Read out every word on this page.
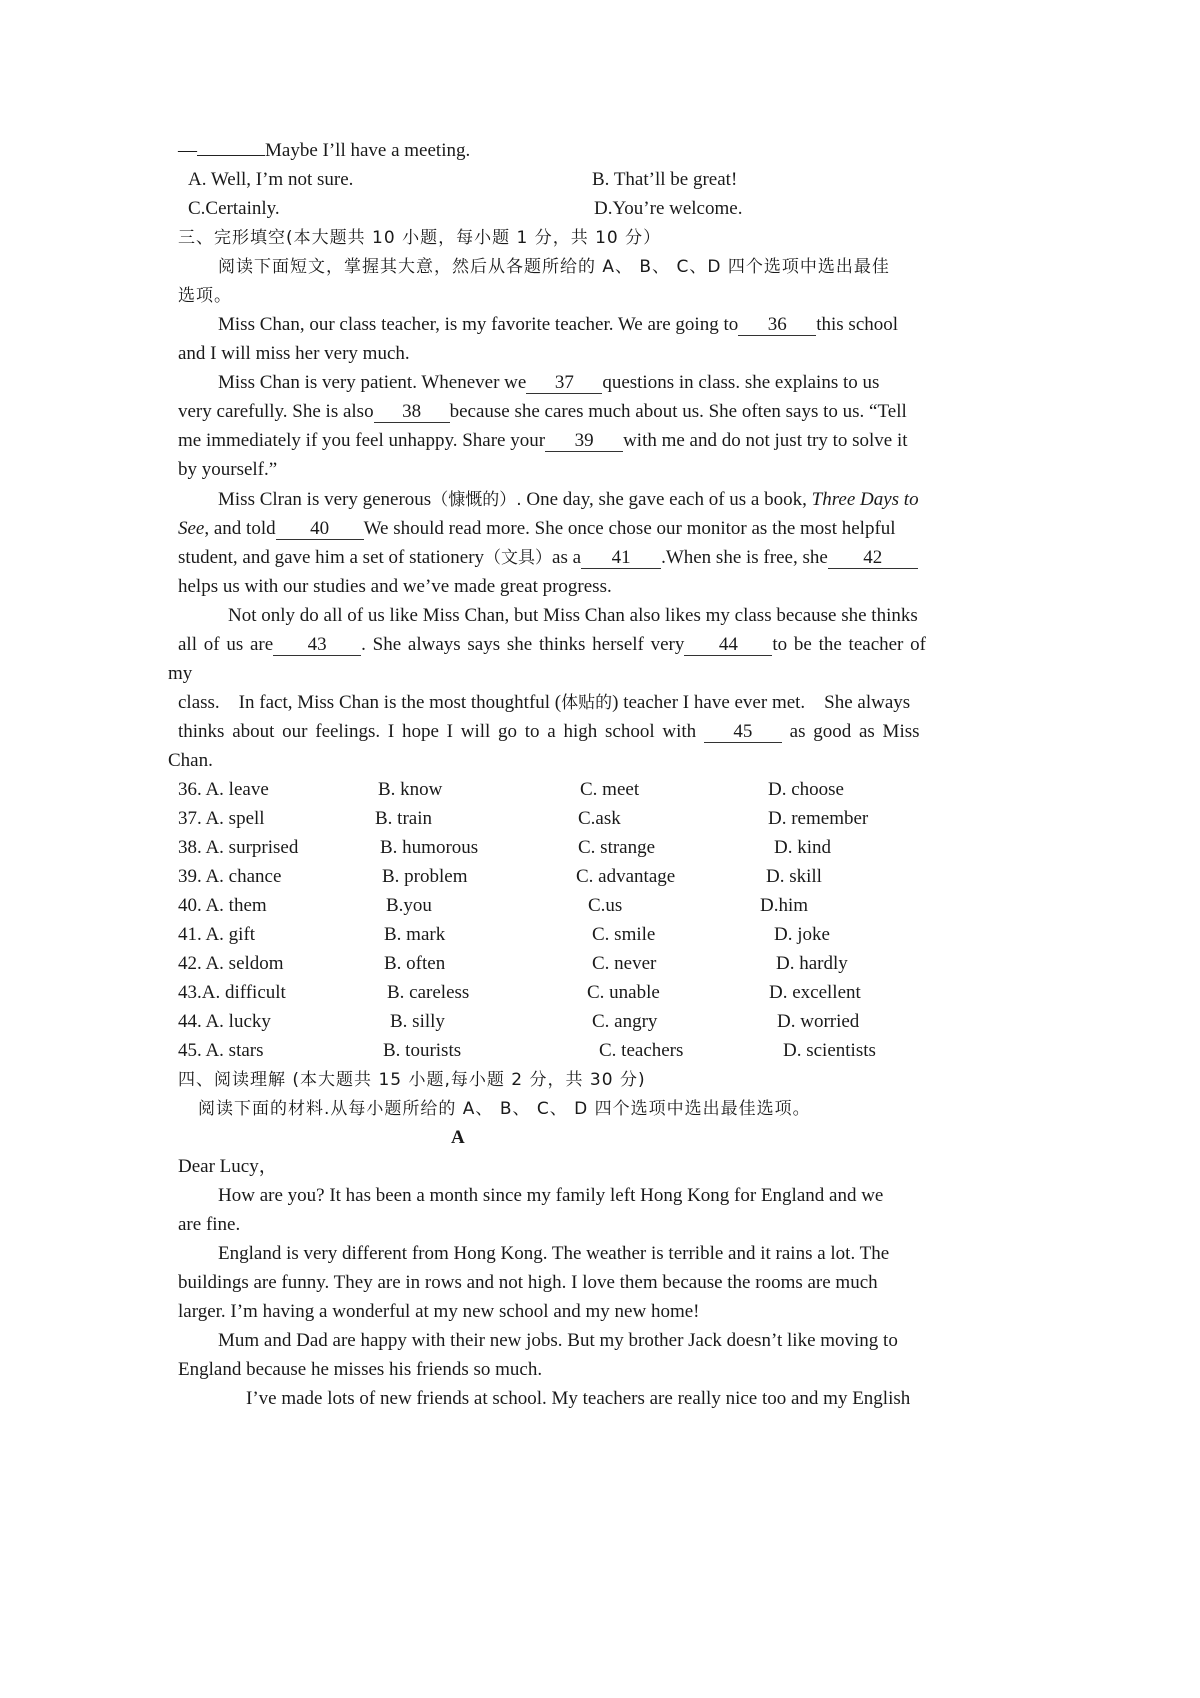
—	Maybe I’ll have a meeting.
A. Well, I’m not sure.	B. That’ll be great!
C.Certainly.	D.You’re welcome.
三、完形填空(本大题共 10 小题，每小题 1 分，共 10 分）
阅读下面短文，掌握其大意，然后从各题所给的 A、 B、 C、D 四个选项中选出最佳
选项。
Miss Chan, our class teacher, is my favorite teacher. We are going to 36 this school
and I will miss her very much.
Miss Chan is very patient. Whenever we 37 questions in class. she explains to us
very carefully. She is also 38 because she cares much about us. She often says to us. “Tell
me immediately if you feel unhappy. Share your 39 with me and do not just try to solve it
by yourself.”
Miss Clran is very generous（慷慨的）. One day, she gave each of us a book, Three Days to
See, and told 40 We should read more. She once chose our monitor as the most helpful
student, and gave him a set of stationery（文具）as a 41 .When she is free, she 42
helps us with our studies and we’ve made great progress.
Not only do all of us like Miss Chan, but Miss Chan also likes my class because she thinks
all of us are 43 . She always says she thinks herself very 44 to be the teacher of
my
class.    In fact, Miss Chan is the most thoughtful (体贴的) teacher I have ever met.    She always
thinks about our feelings. I hope I will go to a high school with 45 as good as Miss
Chan.
36. A. leave	B. know	C. meet	D. choose
37. A. spell	B. train	C.ask	D. remember
38. A. surprised	B. humorous	C. strange	D. kind
39. A. chance	B. problem	C. advantage	D. skill
40. A. them	B.you	C.us	D.him
41. A. gift	B. mark	C. smile	D. joke
42. A. seldom	B. often	C. never	D. hardly
43.A. difficult	B. careless	C. unable	D. excellent
44. A. lucky	B. silly	C. angry	D. worried
45. A. stars	B. tourists	C. teachers	D. scientists
四、阅读理解 (本大题共 15 小题,每小题 2 分，共 30 分)
阅读下面的材料.从每小题所给的 A、 B、 C、 D 四个选项中选出最佳选项。
A
Dear Lucy，
How are you? It has been a month since my family left Hong Kong for England and we
are fine.
England is very different from Hong Kong. The weather is terrible and it rains a lot. The
buildings are funny. They are in rows and not high. I love them because the rooms are much
larger. I’m having a wonderful at my new school and my new home!
Mum and Dad are happy with their new jobs. But my brother Jack doesn’t like moving to
England because he misses his friends so much.
I’ve made lots of new friends at school. My teachers are really nice too and my English
